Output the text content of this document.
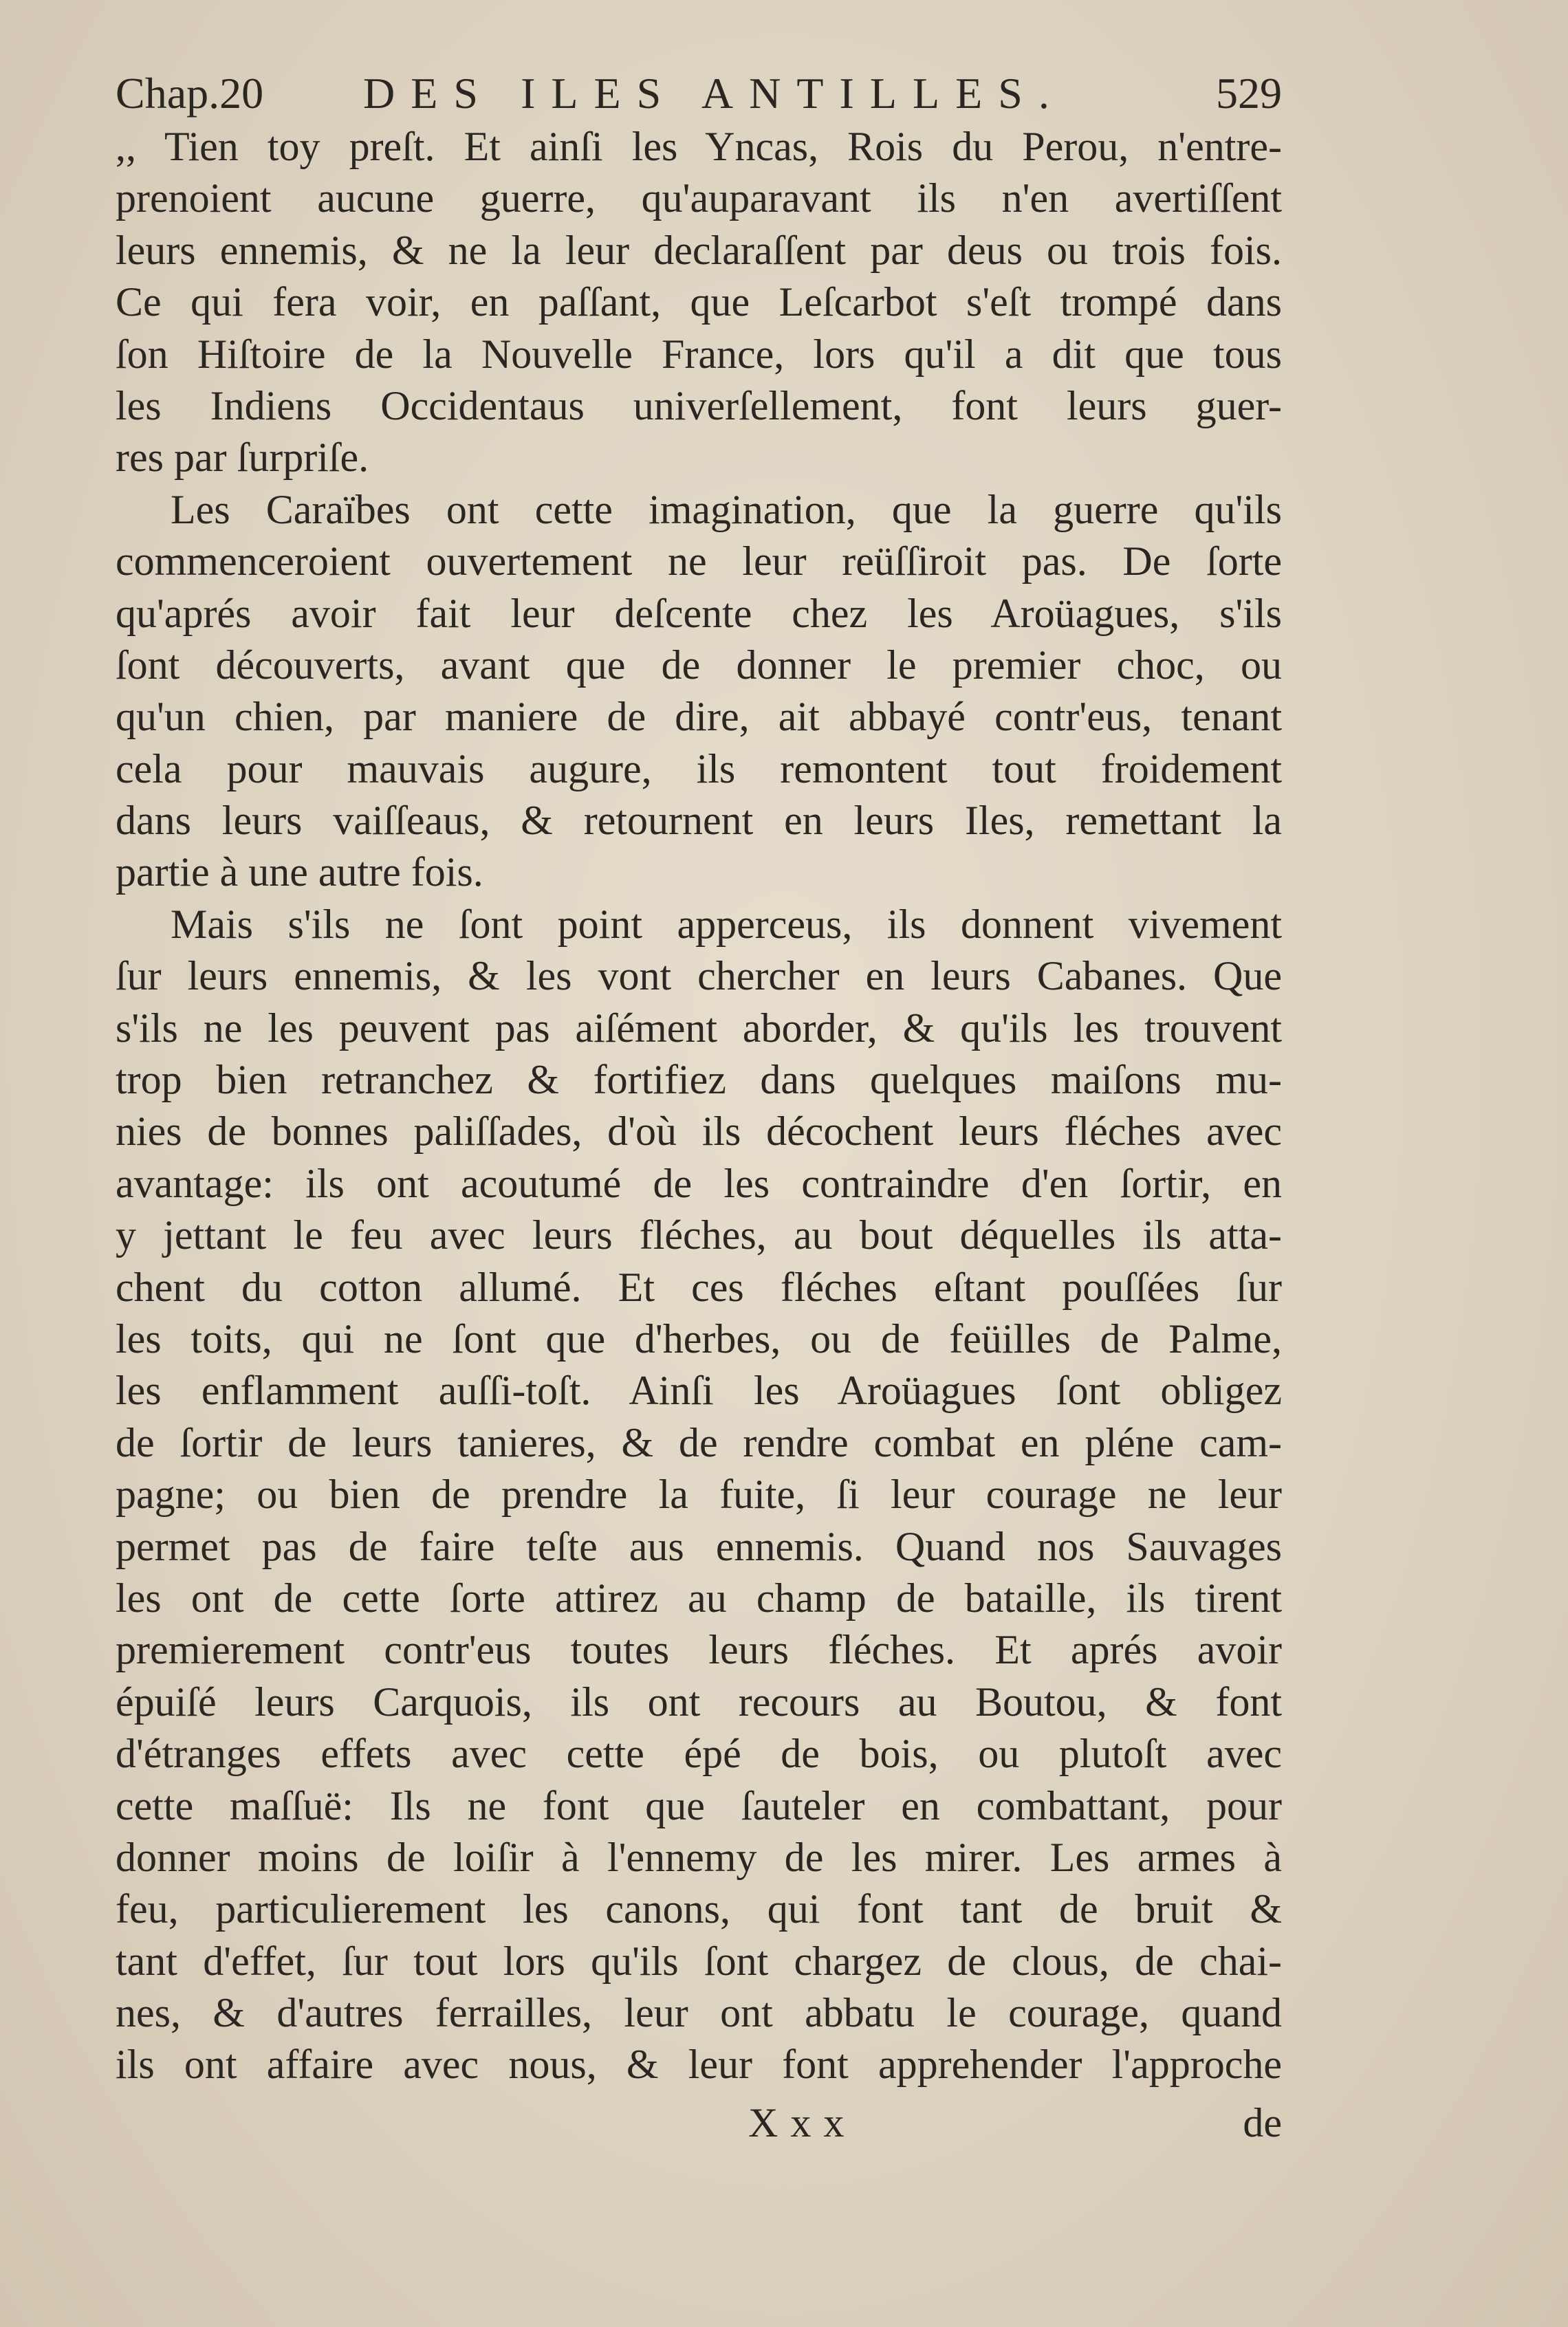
Chap.20 DES ILES ANTILLES.	529
,, Tien toy preſt. Et ainſi les Yncas, Rois du Perou, n'entre-
prenoient aucune guerre, qu'auparavant ils n'en avertiſſent
leurs ennemis, & ne la leur declaraſſent par deus ou trois fois.
Ce qui fera voir, en paſſant, que Leſcarbot s'eſt trompé dans
ſon Hiſtoire de la Nouvelle France, lors qu'il a dit que tous
les Indiens Occidentaus univerſellement, font leurs guer-
res par ſurpriſe.
Les Caraïbes ont cette imagination, que la guerre qu'ils
commenceroient ouvertement ne leur reüſſiroit pas. De ſorte
qu'aprés avoir fait leur deſcente chez les Aroüagues, s'ils
ſont découverts, avant que de donner le premier choc, ou
qu'un chien, par maniere de dire, ait abbayé contr'eus, tenant
cela pour mauvais augure, ils remontent tout froidement
dans leurs vaiſſeaus, & retournent en leurs Iles, remettant la
partie à une autre fois.
Mais s'ils ne ſont point apperceus, ils donnent vivement
ſur leurs ennemis, & les vont chercher en leurs Cabanes. Que
s'ils ne les peuvent pas aiſément aborder, & qu'ils les trouvent
trop bien retranchez & fortifiez dans quelques maiſons mu-
nies de bonnes paliſſades, d'où ils décochent leurs fléches avec
avantage: ils ont acoutumé de les contraindre d'en ſortir, en
y jettant le feu avec leurs fléches, au bout déquelles ils atta-
chent du cotton allumé. Et ces fléches eſtant pouſſées ſur
les toits, qui ne ſont que d'herbes, ou de feüilles de Palme,
les enflamment auſſi-toſt. Ainſi les Aroüagues ſont obligez
de ſortir de leurs tanieres, & de rendre combat en pléne cam-
pagne; ou bien de prendre la fuite, ſi leur courage ne leur
permet pas de faire teſte aus ennemis. Quand nos Sauvages
les ont de cette ſorte attirez au champ de bataille, ils tirent
premierement contr'eus toutes leurs fléches. Et aprés avoir
épuiſé leurs Carquois, ils ont recours au Boutou, & font
d'étranges effets avec cette épé de bois, ou plutoſt avec
cette maſſuë: Ils ne font que ſauteler en combattant, pour
donner moins de loiſir à l'ennemy de les mirer. Les armes à
feu, particulierement les canons, qui font tant de bruit &
tant d'effet, ſur tout lors qu'ils ſont chargez de clous, de chai-
nes, & d'autres ferrailles, leur ont abbatu le courage, quand
ils ont affaire avec nous, & leur font apprehender l'approche
Xxx	de
